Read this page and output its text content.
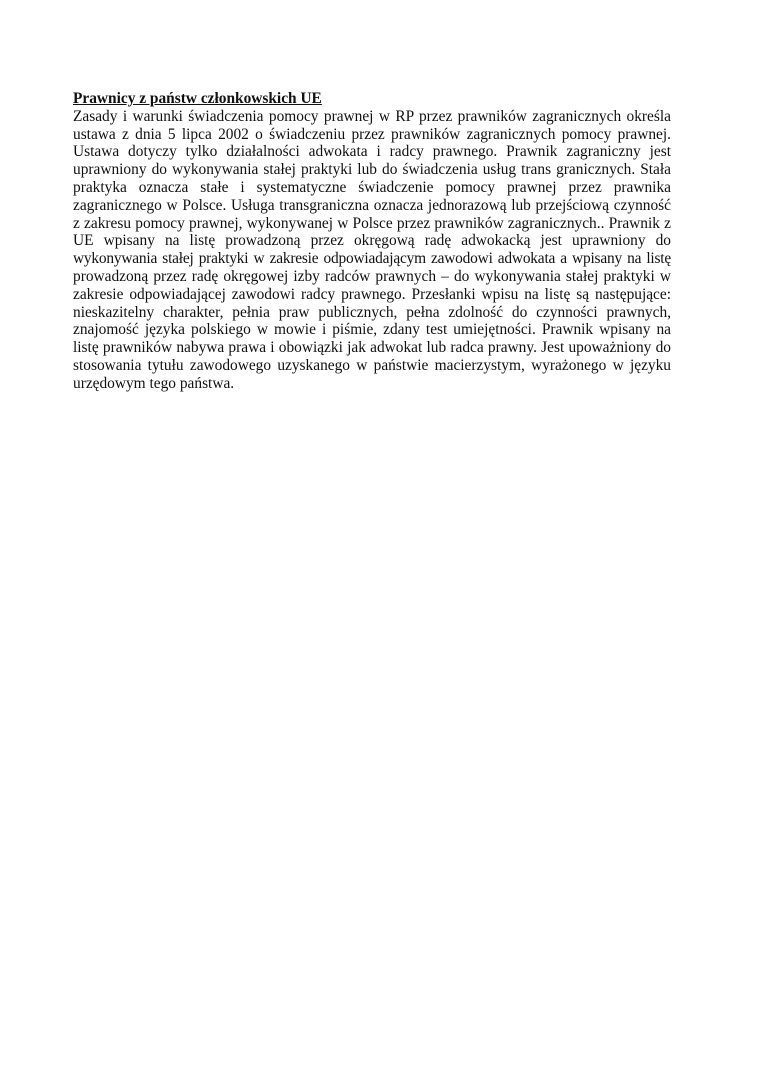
Prawnicy z państw członkowskich UE
Zasady i warunki świadczenia pomocy prawnej w RP przez prawników zagranicznych określa
ustawa z dnia 5 lipca 2002 o świadczeniu przez prawników zagranicznych pomocy prawnej.
Ustawa dotyczy tylko działalności adwokata i radcy prawnego. Prawnik zagraniczny jest
uprawniony do wykonywania stałej praktyki lub do świadczenia usług trans granicznych. Stała
praktyka oznacza stałe i systematyczne świadczenie pomocy prawnej przez prawnika
zagranicznego w Polsce. Usługa transgraniczna oznacza jednorazową lub przejściową czynność
z zakresu pomocy prawnej, wykonywanej w Polsce przez prawników zagranicznych.. Prawnik z
UE wpisany na listę prowadzoną przez okręgową radę adwokacką jest uprawniony do
wykonywania stałej praktyki w zakresie odpowiadającym zawodowi adwokata a wpisany na listę
prowadzoną przez radę okręgowej izby radców prawnych – do wykonywania stałej praktyki w
zakresie odpowiadającej zawodowi radcy prawnego. Przesłanki wpisu na listę są następujące:
nieskazitelny charakter, pełnia praw publicznych, pełna zdolność do czynności prawnych,
znajomość języka polskiego w mowie i piśmie, zdany test umiejętności. Prawnik wpisany na
listę prawników nabywa prawa i obowiązki jak adwokat lub radca prawny. Jest upoważniony do
stosowania tytułu zawodowego uzyskanego w państwie macierzystym, wyrażonego w języku
urzędowym tego państwa.
